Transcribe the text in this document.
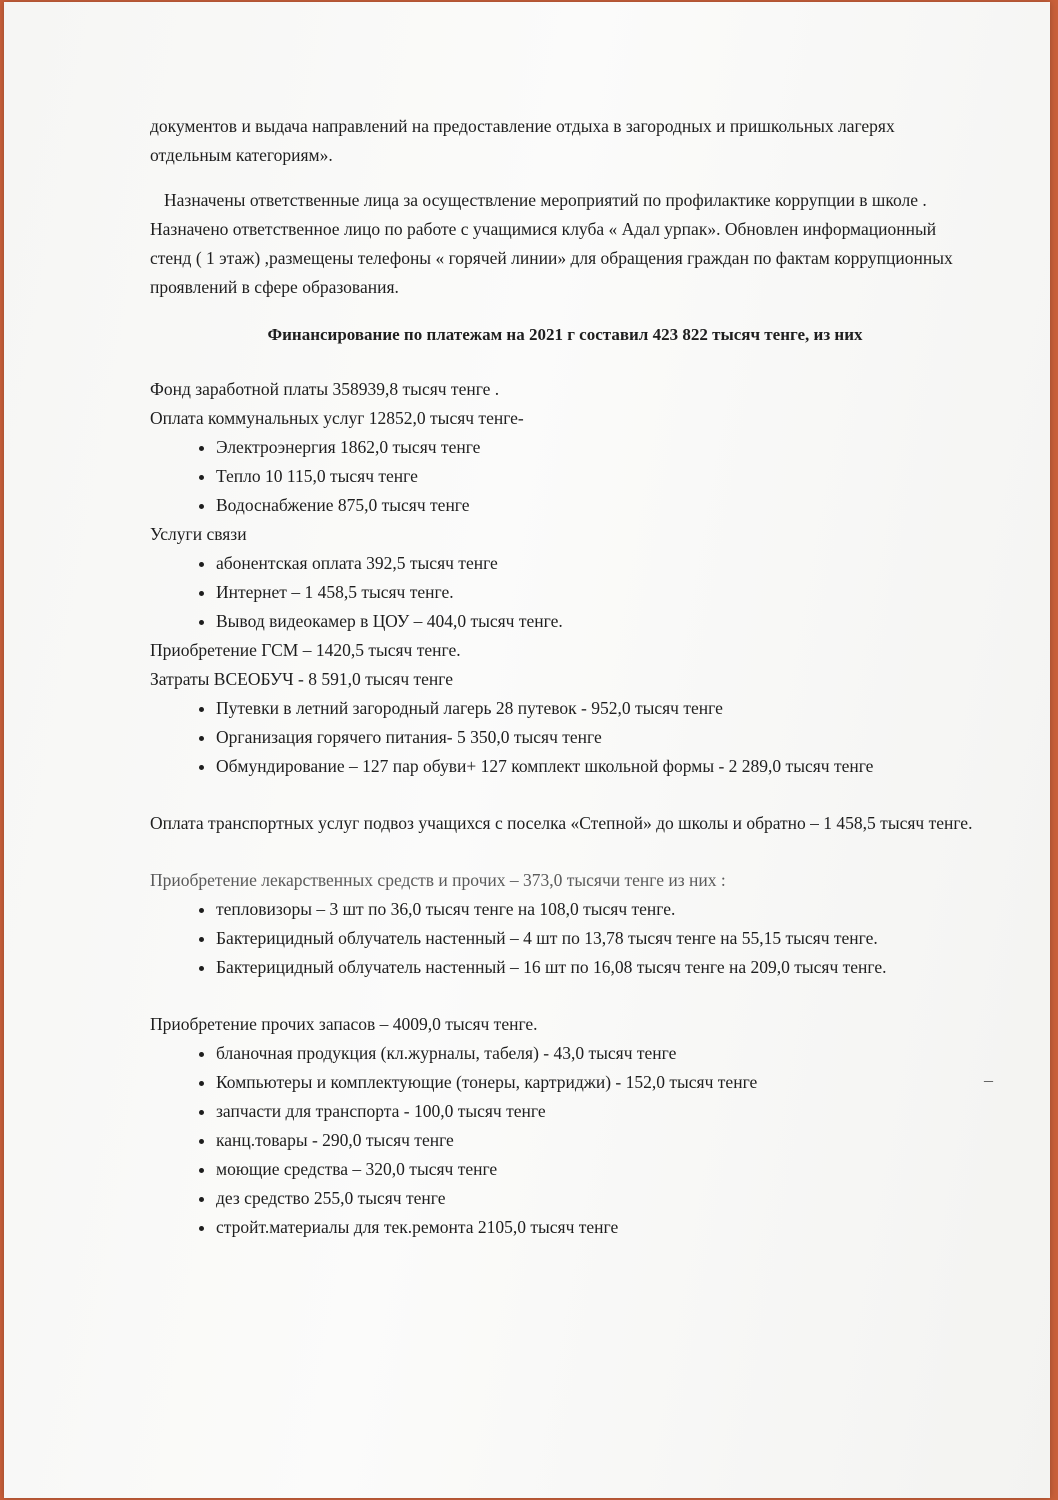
документов и выдача направлений на предоставление отдыха в загородных и пришкольных лагерях отдельным категориям».

Назначены ответственные лица за осуществление мероприятий по профилактике коррупции в школе . Назначено ответственное лицо по работе с учащимися клуба « Адал урпак». Обновлен информационный стенд ( 1 этаж) ,размещены телефоны « горячей линии» для обращения граждан по фактам коррупционных проявлений в сфере образования.

Финансирование по платежам на 2021 г составил 423 822 тысяч тенге, из них

Фонд заработной платы 358939,8 тысяч тенге .

Оплата коммунальных услуг 12852,0 тысяч тенге-

• Электроэнергия 1862,0 тысяч тенге
• Тепло 10 115,0 тысяч тенге
• Водоснабжение 875,0 тысяч тенге

Услуги связи

• абонентская оплата 392,5 тысяч тенге
• Интернет – 1 458,5 тысяч тенге.
• Вывод видеокамер в ЦОУ – 404,0 тысяч тенге.

Приобретение ГСМ – 1420,5 тысяч тенге.

Затраты ВСЕОБУЧ - 8 591,0 тысяч тенге

• Путевки в летний загородный лагерь 28 путевок - 952,0 тысяч тенге
• Организация горячего питания- 5 350,0 тысяч тенге
• Обмундирование – 127 пар обуви+ 127 комплект школьной формы - 2 289,0 тысяч тенге

Оплата транспортных услуг подвоз учащихся с поселка «Степной» до школы и обратно – 1 458,5 тысяч тенге.

Приобретение лекарственных средств и прочих – 373,0 тысячи тенге из них :

• тепловизоры – 3 шт по 36,0 тысяч тенге на 108,0 тысяч тенге.
• Бактерицидный облучатель настенный – 4 шт по 13,78 тысяч тенге на 55,15 тысяч тенге.
• Бактерицидный облучатель настенный – 16 шт по 16,08 тысяч тенге на 209,0 тысяч тенге.

Приобретение прочих запасов – 4009,0 тысяч тенге.

• бланочная продукция (кл.журналы, табеля) - 43,0 тысяч тенге
• Компьютеры и комплектующие (тонеры, картриджи) - 152,0 тысяч тенге
• запчасти для транспорта - 100,0 тысяч тенге
• канц.товары - 290,0 тысяч тенге
• моющие средства – 320,0 тысяч тенге
• дез средство 255,0 тысяч тенге
• стройт.материалы для тек.ремонта 2105,0 тысяч тенге
–
